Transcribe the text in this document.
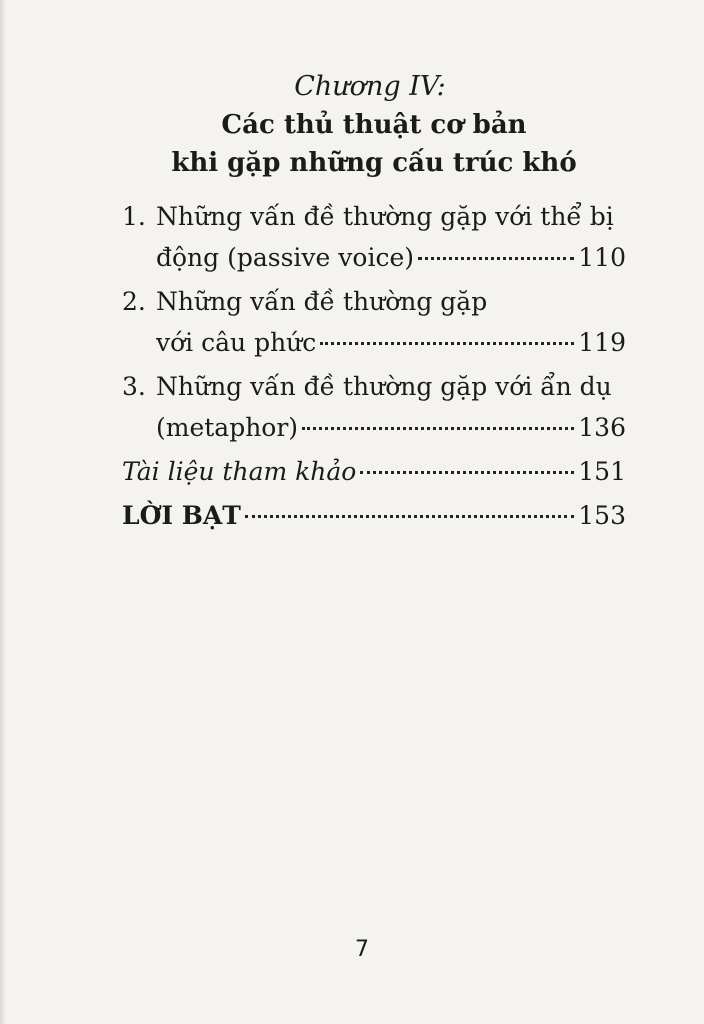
Chương IV:
Các thủ thuật cơ bản
khi gặp những cấu trúc khó
1. Những vấn đề thường gặp với thể bị
động (passive voice)	110
2. Những vấn đề thường gặp
với câu phức	119
3. Những vấn đề thường gặp với ẩn dụ
(metaphor)	136
Tài liệu tham khảo	151
LỜI BẠT	153
7
